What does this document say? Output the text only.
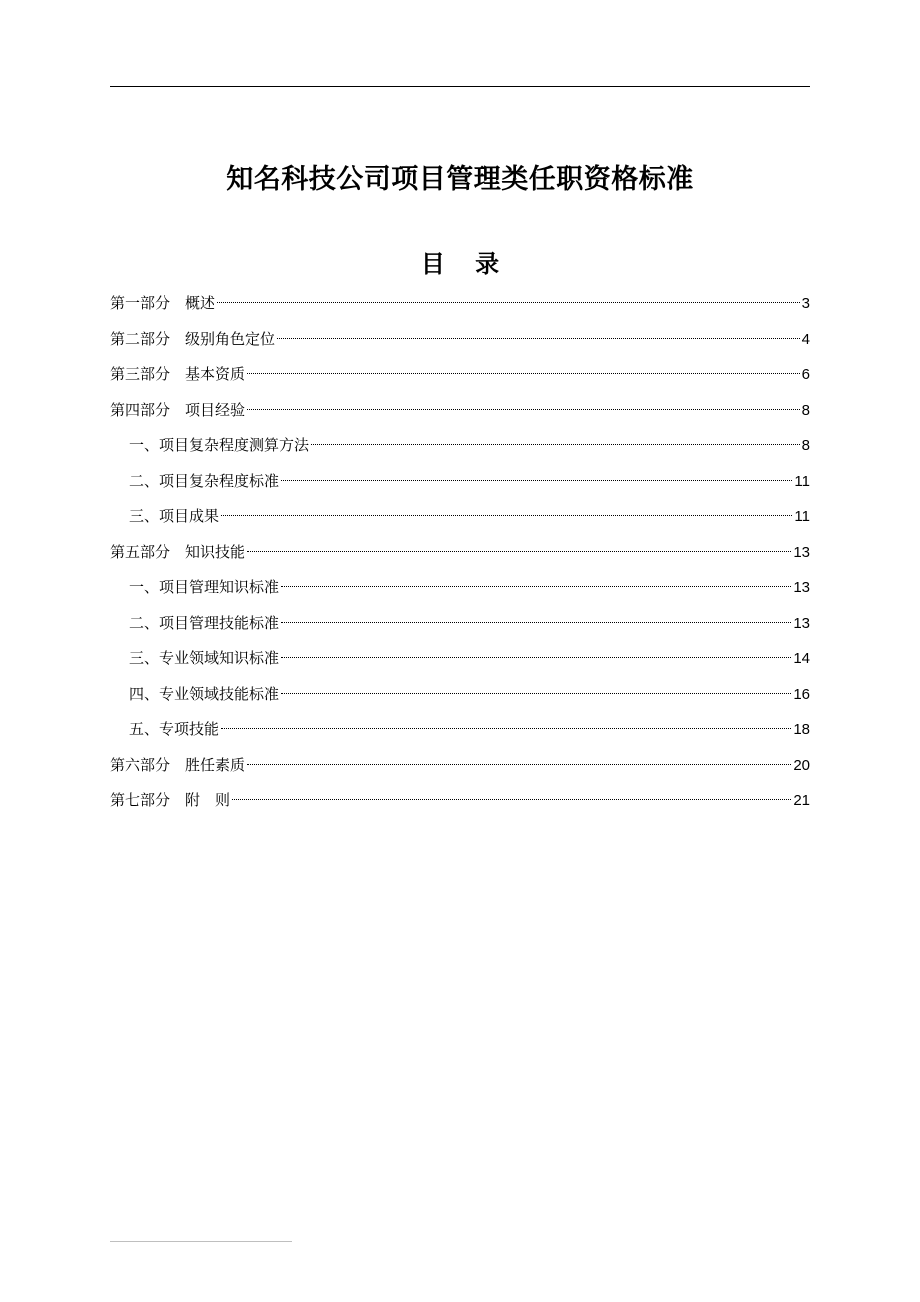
知名科技公司项目管理类任职资格标准
目 录
第一部分　概述	3
第二部分　级别角色定位	4
第三部分　基本资质	6
第四部分　项目经验	8
一、项目复杂程度测算方法	8
二、项目复杂程度标准	11
三、项目成果	11
第五部分　知识技能	13
一、项目管理知识标准	13
二、项目管理技能标准	13
三、专业领域知识标准	14
四、专业领域技能标准	16
五、专项技能	18
第六部分　胜任素质	20
第七部分　附　则	21
